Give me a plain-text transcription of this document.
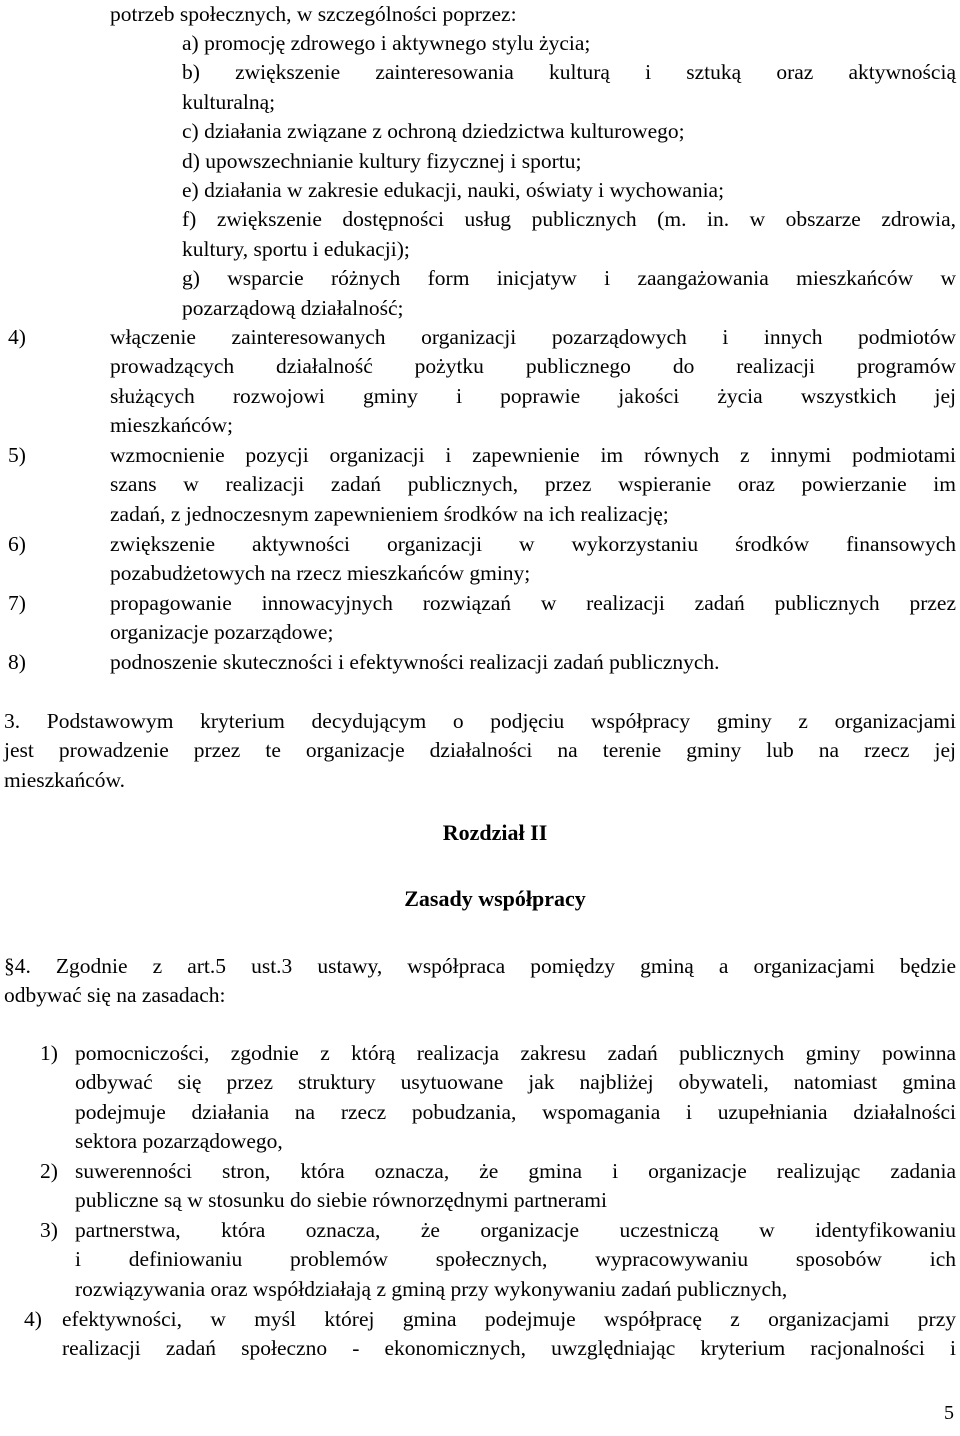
potrzeb społecznych, w szczególności poprzez:
a) promocję zdrowego i aktywnego stylu życia;
b) zwiększenie zainteresowania kulturą i sztuką oraz aktywnością
kulturalną;
c) działania związane z ochroną dziedzictwa kulturowego;
d) upowszechnianie kultury fizycznej i sportu;
e) działania w zakresie edukacji, nauki, oświaty i wychowania;
f) zwiększenie dostępności usług publicznych (m. in. w obszarze zdrowia,
kultury, sportu i edukacji);
g) wsparcie różnych form inicjatyw i zaangażowania mieszkańców w
pozarządową działalność;
4)	włączenie zainteresowanych organizacji pozarządowych i innych podmiotów
prowadzących działalność pożytku publicznego do realizacji programów
służących rozwojowi gminy i poprawie jakości życia wszystkich jej
mieszkańców;
5)	wzmocnienie pozycji organizacji i zapewnienie im równych z innymi podmiotami
szans w realizacji zadań publicznych, przez wspieranie oraz powierzanie im
zadań, z jednoczesnym zapewnieniem środków na ich realizację;
6)	zwiększenie aktywności organizacji w wykorzystaniu środków finansowych
pozabudżetowych na rzecz mieszkańców gminy;
7)	propagowanie innowacyjnych rozwiązań w realizacji zadań publicznych przez
organizacje pozarządowe;
8)	podnoszenie skuteczności i efektywności realizacji zadań publicznych.
3. Podstawowym kryterium decydującym o podjęciu współpracy gminy z organizacjami
jest prowadzenie przez te organizacje działalności na terenie gminy lub na rzecz jej
mieszkańców.
Rozdział II
Zasady współpracy
§4. Zgodnie z art.5 ust.3 ustawy, współpraca pomiędzy gminą a organizacjami będzie
odbywać się na zasadach:
1) pomocniczości, zgodnie z którą realizacja zakresu zadań publicznych gminy powinna
odbywać się przez struktury usytuowane jak najbliżej obywateli, natomiast gmina
podejmuje działania na rzecz pobudzania, wspomagania i uzupełniania działalności
sektora pozarządowego,
2) suwerenności stron, która oznacza, że gmina i organizacje realizując zadania
publiczne są w stosunku do siebie równorzędnymi partnerami
3) partnerstwa, która oznacza, że organizacje uczestniczą w identyfikowaniu
i definiowaniu problemów społecznych, wypracowywaniu sposobów ich
rozwiązywania oraz współdziałają z gminą przy wykonywaniu zadań publicznych,
4) efektywności, w myśl której gmina podejmuje współpracę z organizacjami przy
realizacji zadań społeczno - ekonomicznych, uwzględniając kryterium racjonalności i
5
